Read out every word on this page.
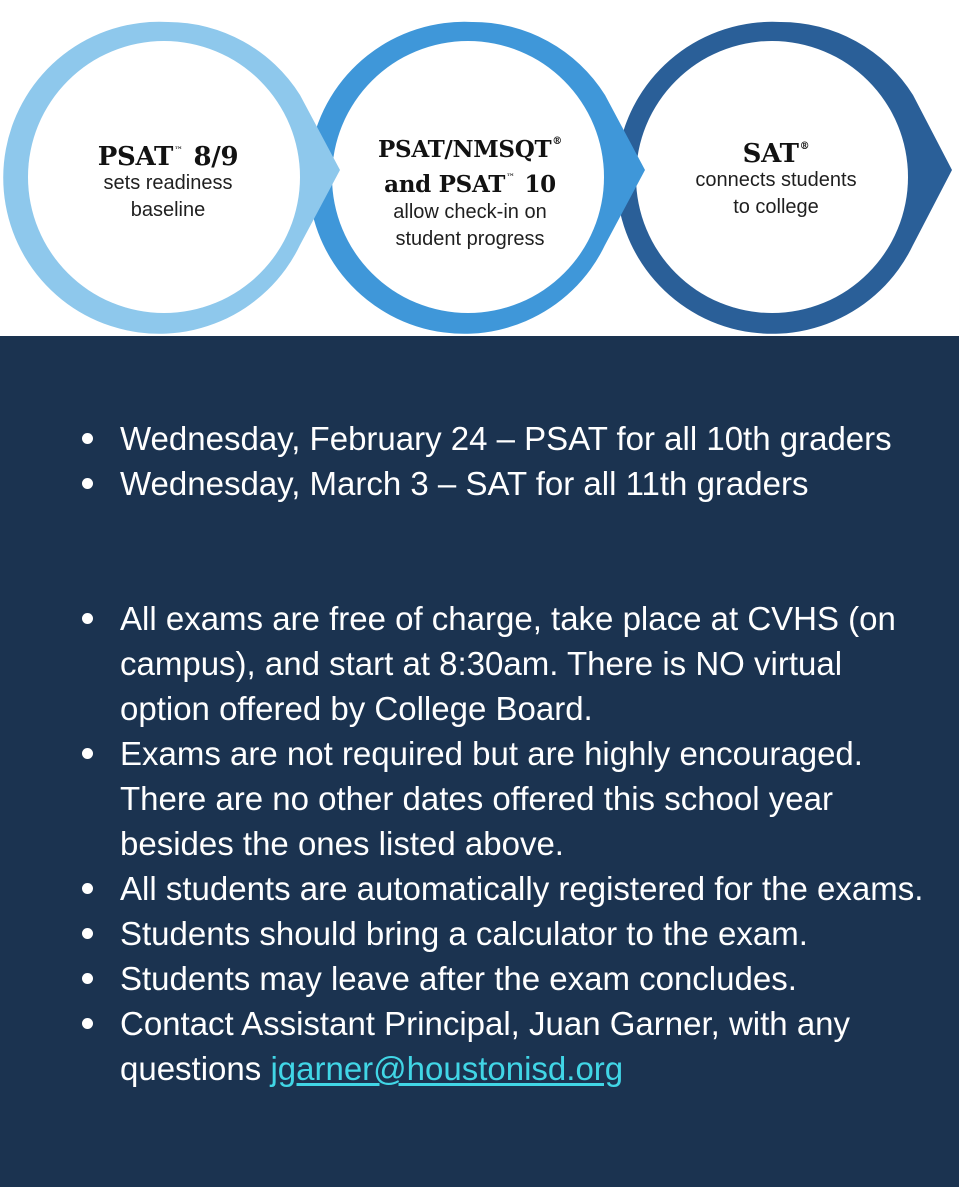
PSAT™ 8/9
sets readiness
baseline
PSAT/NMSQT®
and PSAT™ 10
allow check-in on
student progress
SAT®
connects students
to college
Wednesday, February 24 – PSAT for all 10th graders
Wednesday, March 3 – SAT for all 11th graders
All exams are free of charge, take place at CVHS (on campus), and start at 8:30am. There is NO virtual option offered by College Board.
Exams are not required but are highly encouraged. There are no other dates offered this school year besides the ones listed above.
All students are automatically registered for the exams.
Students should bring a calculator to the exam.
Students may leave after the exam concludes.
Contact Assistant Principal, Juan Garner, with any questions jgarner@houstonisd.org
